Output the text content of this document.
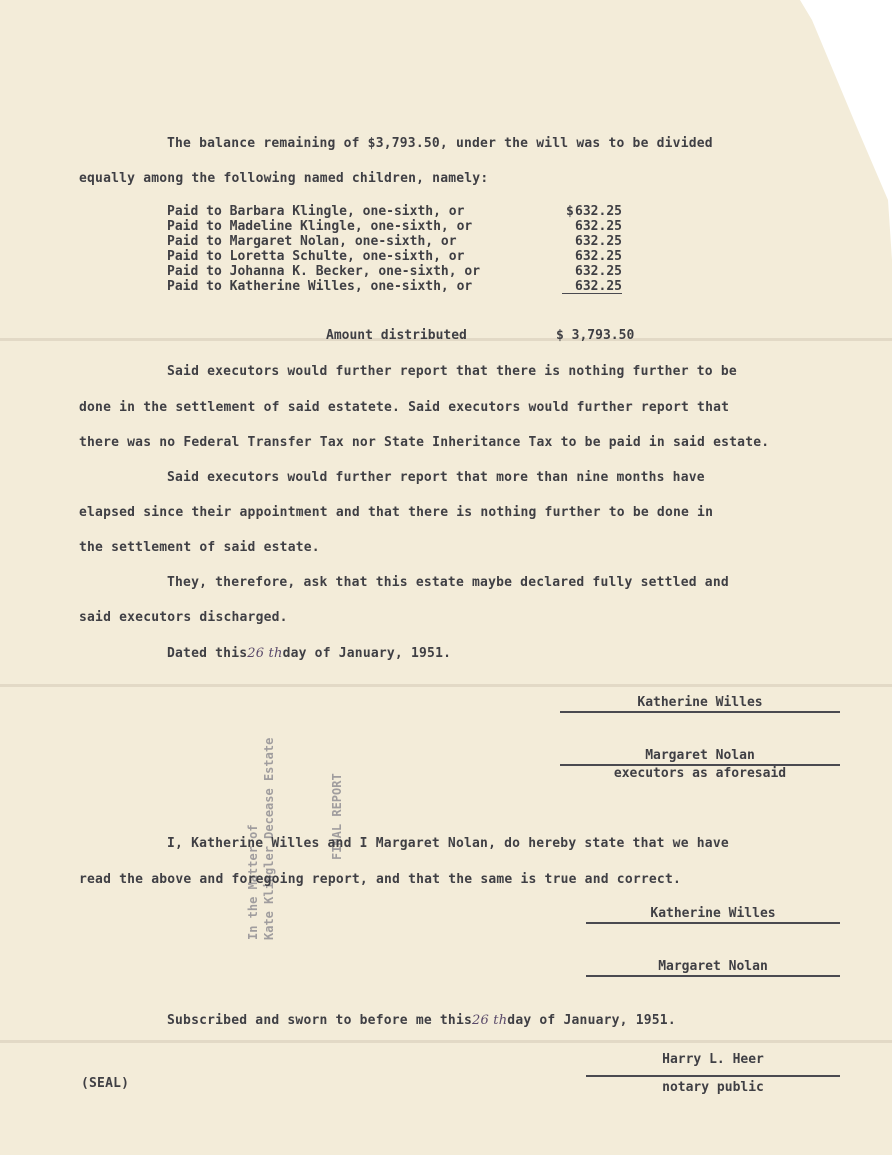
The balance remaining of $3,793.50, under the will was to be divided
equally among the following named children, namely:
$
Paid to Barbara Klingle, one-sixth, or	632.25
Paid to Madeline Klingle, one-sixth, or	632.25
Paid to Margaret Nolan, one-sixth, or	632.25
Paid to Loretta Schulte, one-sixth, or	632.25
Paid to Johanna K. Becker, one-sixth, or	632.25
Paid to Katherine Willes, one-sixth, or	632.25
Amount distributed	$ 3,793.50
Said executors would further report that there is nothing further to be
done in the settlement of said estatete. Said executors would further report that
there was no Federal Transfer Tax nor State Inheritance Tax to be paid in said estate.
Said executors would further report that more than nine months have
elapsed since their appointment and that there is nothing further to be done in
the settlement of said estate.
They, therefore, ask that this estate maybe declared fully settled and
said executors discharged.
Dated this26 thday of January, 1951.
Katherine Willes
Margaret Nolan
executors as aforesaid
In the Matter of Kate Klingler Decease Estate	FINAL REPORT
I, Katherine Willes and I Margaret Nolan, do hereby state that we have
read the above and foregoing report, and that the same is true and correct.
Katherine Willes
Margaret Nolan
Subscribed and sworn to before me this26 thday of January, 1951.
Harry L. Heer
notary public
(SEAL)
